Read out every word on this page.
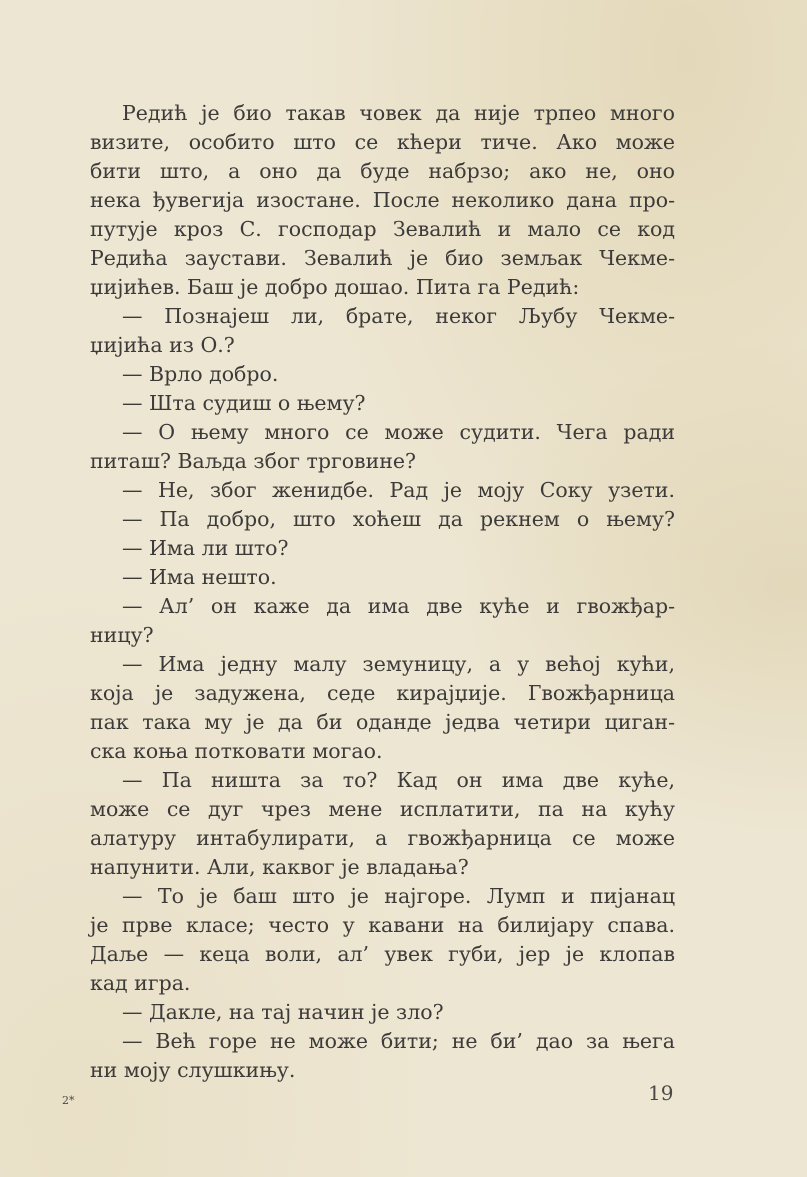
Редић је био такав човек да није трпео много
визите, особито што се кћери тиче. Ако може
бити што, а оно да буде набрзо; ако не, оно
нека ђувегија изостане. После неколико дана про-
путује кроз С. господар Зевалић и мало се код
Редића заустави. Зевалић је био земљак Чекме-
џијићев. Баш је добро дошао. Пита га Редић:
— Познајеш ли, брате, неког Љубу Чекме-
џијића из О.?
— Врло добро.
— Шта судиш о њему?
— О њему много се може судити. Чега ради
питаш? Ваљда због трговине?
— Не, због женидбе. Рад је моју Соку узети.
— Па добро, што хоћеш да рекнем о њему?
— Има ли што?
— Има нешто.
— Ал’ он каже да има две куће и гвожђар-
ницу?
— Има једну малу земуницу, а у већој кући,
која је задужена, седе кирајџије. Гвожђарница
пак така му је да би оданде једва четири циган-
ска коња потковати могао.
— Па ништа за то? Кад он има две куће,
може се дуг чрез мене исплатити, па на кућу
алатуру интабулирати, а гвожђарница се може
напунити. Али, каквог је владања?
— То је баш што је најгоре. Лумп и пијанац
је прве класе; често у кавани на билијару спава.
Даље — кеца воли, ал’ увек губи, јер је клопав
кад игра.
— Дакле, на тај начин је зло?
— Већ горе не може бити; не би’ дао за њега
ни моју слушкињу.
2*	19
